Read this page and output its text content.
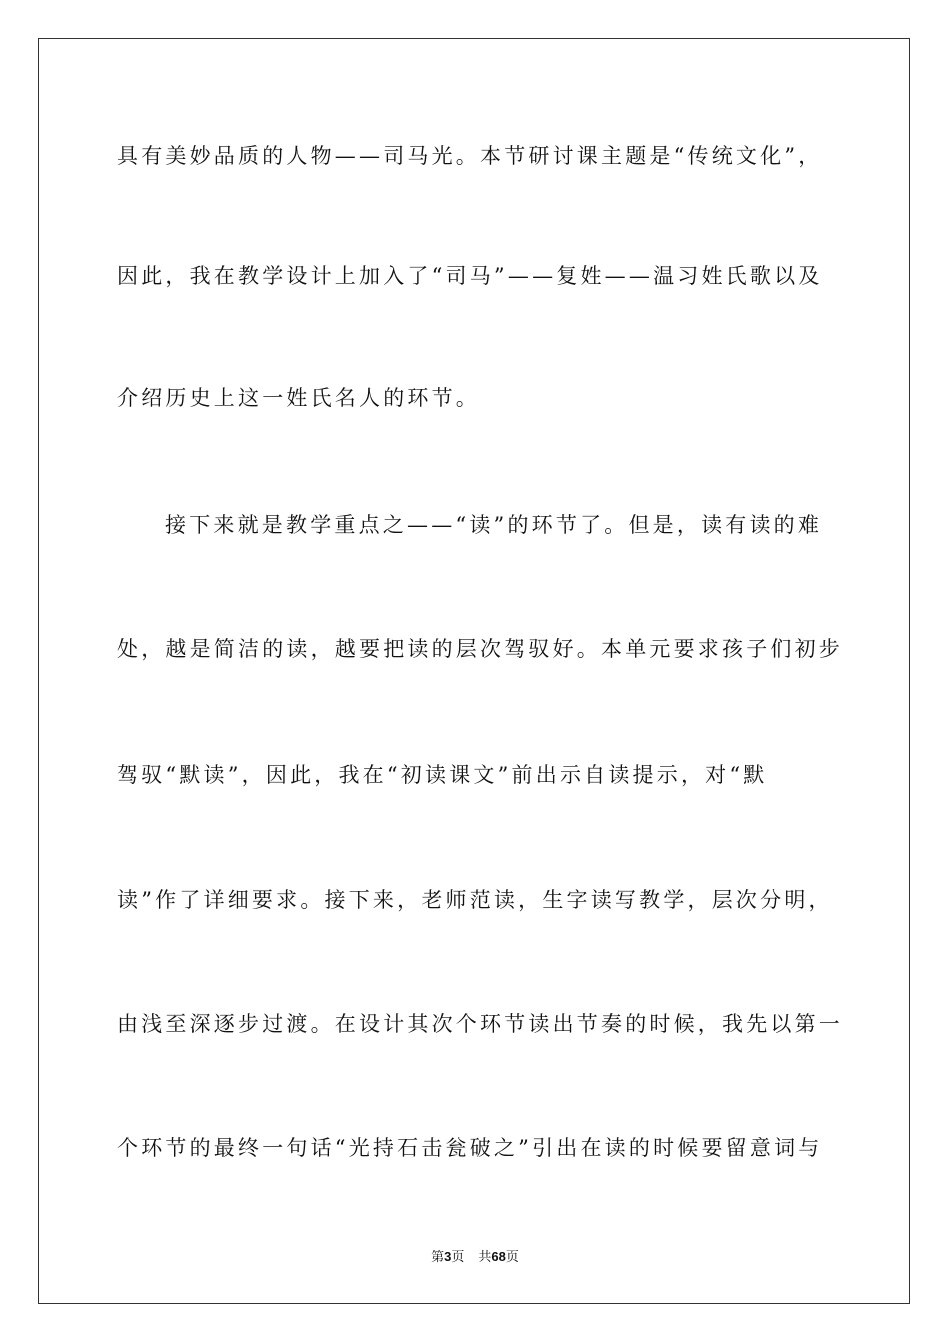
具有美妙品质的人物——司马光。本节研讨课主题是“传统文化”，
因此，我在教学设计上加入了“司马”——复姓——温习姓氏歌以及
介绍历史上这一姓氏名人的环节。
接下来就是教学重点之——“读”的环节了。但是，读有读的难
处，越是简洁的读，越要把读的层次驾驭好。本单元要求孩子们初步
驾驭“默读”，因此，我在“初读课文”前出示自读提示，对“默
读”作了详细要求。接下来，老师范读，生字读写教学，层次分明，
由浅至深逐步过渡。在设计其次个环节读出节奏的时候，我先以第一
个环节的最终一句话“光持石击瓮破之”引出在读的时候要留意词与
第3页 共68页
